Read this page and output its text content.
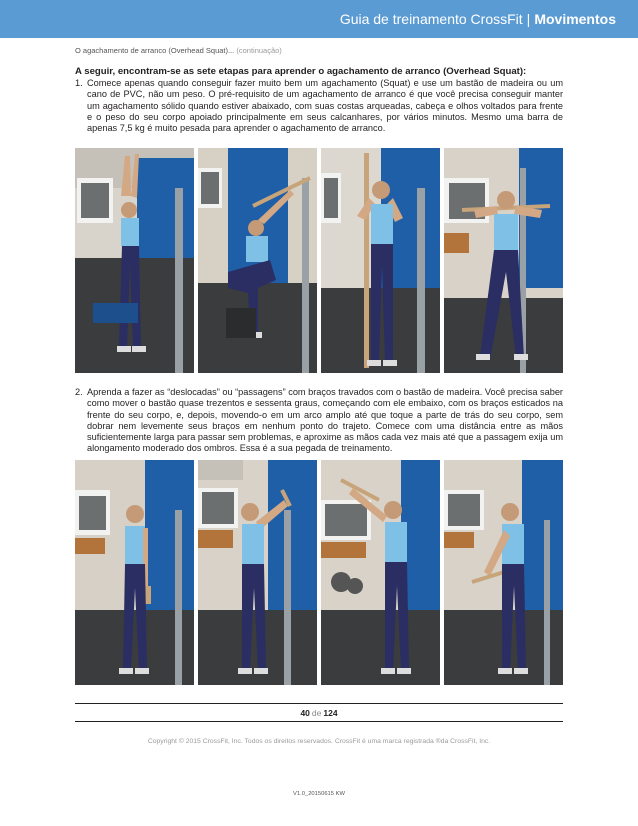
Guia de treinamento CrossFit | Movimentos
O agachamento de arranco (Overhead Squat)... (continuação)
A seguir, encontram-se as sete etapas para aprender o agachamento de arranco (Overhead Squat):
1. Comece apenas quando conseguir fazer muito bem um agachamento (Squat) e use um bastão de madeira ou um cano de PVC, não um peso. O pré-requisito de um agachamento de arranco é que você precisa conseguir manter um agachamento sólido quando estiver abaixado, com suas costas arqueadas, cabeça e olhos voltados para frente e o peso do seu corpo apoiado principalmente em seus calcanhares, por vários minutos. Mesmo uma barra de apenas 7,5 kg é muito pesada para aprender o agachamento de arranco.
2. Aprenda a fazer as “deslocadas” ou “passagens” com braços travados com o bastão de madeira. Você precisa saber como mover o bastão quase trezentos e sessenta graus, começando com ele embaixo, com os braços esticados na frente do seu corpo, e, depois, movendo-o em um arco amplo até que toque a parte de trás do seu corpo, sem dobrar nem levemente seus braços em nenhum ponto do trajeto. Comece com uma distância entre as mãos suficientemente larga para passar sem problemas, e aproxime as mãos cada vez mais até que a passagem exija um alongamento moderado dos ombros. Essa é a sua pegada de treinamento.
40 de 124
Copyright © 2015 CrossFit, Inc. Todos os direitos reservados. CrossFit é uma marca registrada ®da CrossFit, Inc.
V1.0_20150615 KW
